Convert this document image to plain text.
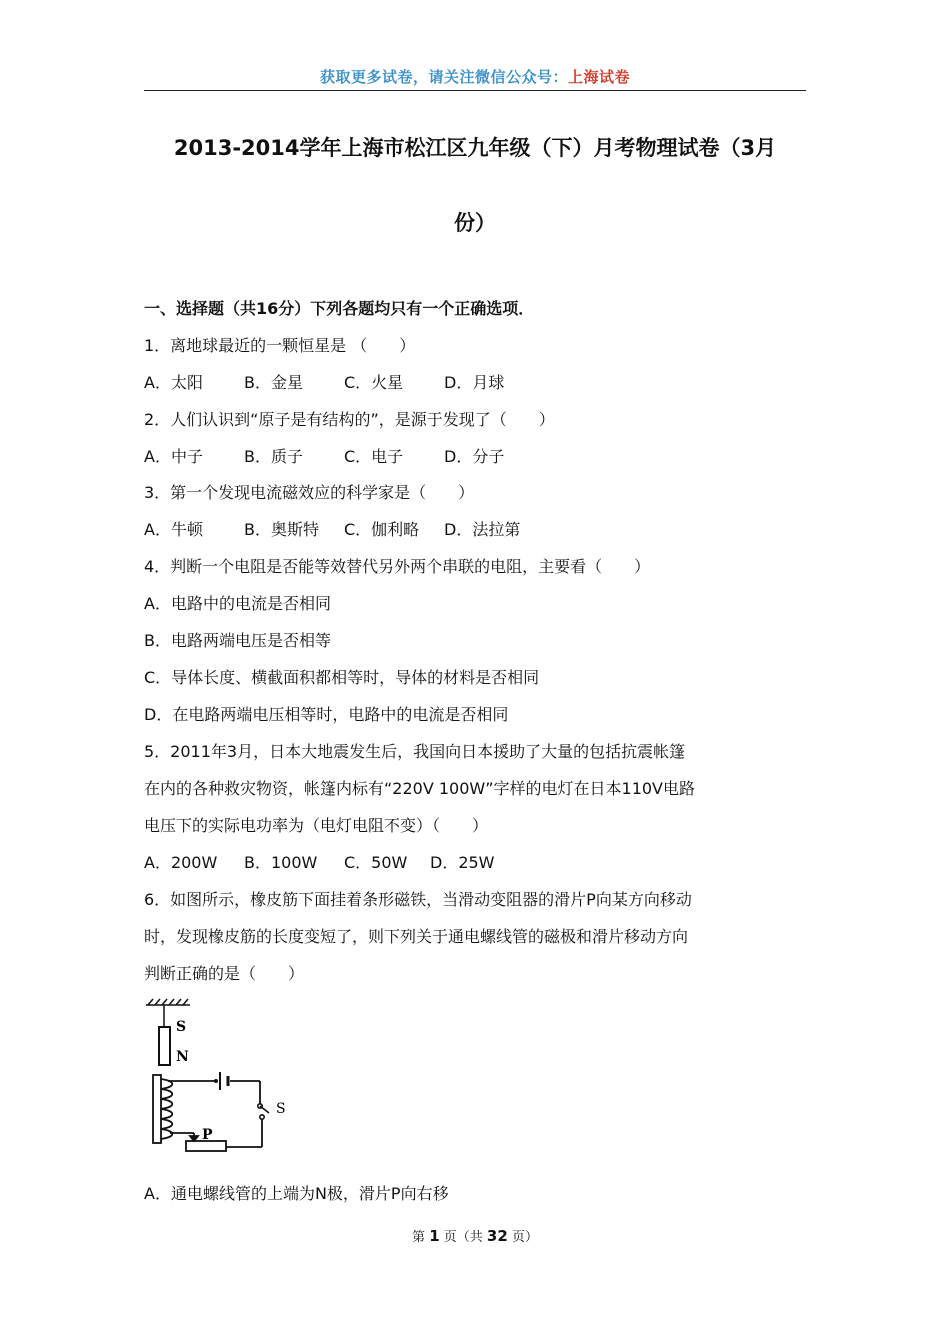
获取更多试卷，请关注微信公众号：上海试卷
2013-2014学年上海市松江区九年级（下）月考物理试卷（3月
份）
一、选择题（共16分）下列各题均只有一个正确选项．
1．离地球最近的一颗恒星是 （　　）
A．太阳	B．金星	C．火星	D．月球
2．人们认识到“原子是有结构的”，是源于发现了（　　）
A．中子	B．质子	C．电子	D．分子
3．第一个发现电流磁效应的科学家是（　　）
A．牛顿	B．奥斯特 C．伽利略 D．法拉第
4．判断一个电阻是否能等效替代另外两个串联的电阻，主要看（　　）
A．电路中的电流是否相同
B．电路两端电压是否相等
C．导体长度、横截面积都相等时，导体的材料是否相同
D．在电路两端电压相等时，电路中的电流是否相同
5．2011年3月，日本大地震发生后，我国向日本援助了大量的包括抗震帐篷
在内的各种救灾物资，帐篷内标有“220V 100W”字样的电灯在日本110V电路
电压下的实际电功率为（电灯电阻不变）（　　）
A．200W B．100W C．50W D．25W
6．如图所示，橡皮筋下面挂着条形磁铁，当滑动变阻器的滑片P向某方向移动
时，发现橡皮筋的长度变短了，则下列关于通电螺线管的磁极和滑片移动方向
判断正确的是（　　）
S
N
S
P
A．通电螺线管的上端为N极，滑片P向右移
第 1 页（共 32 页）
